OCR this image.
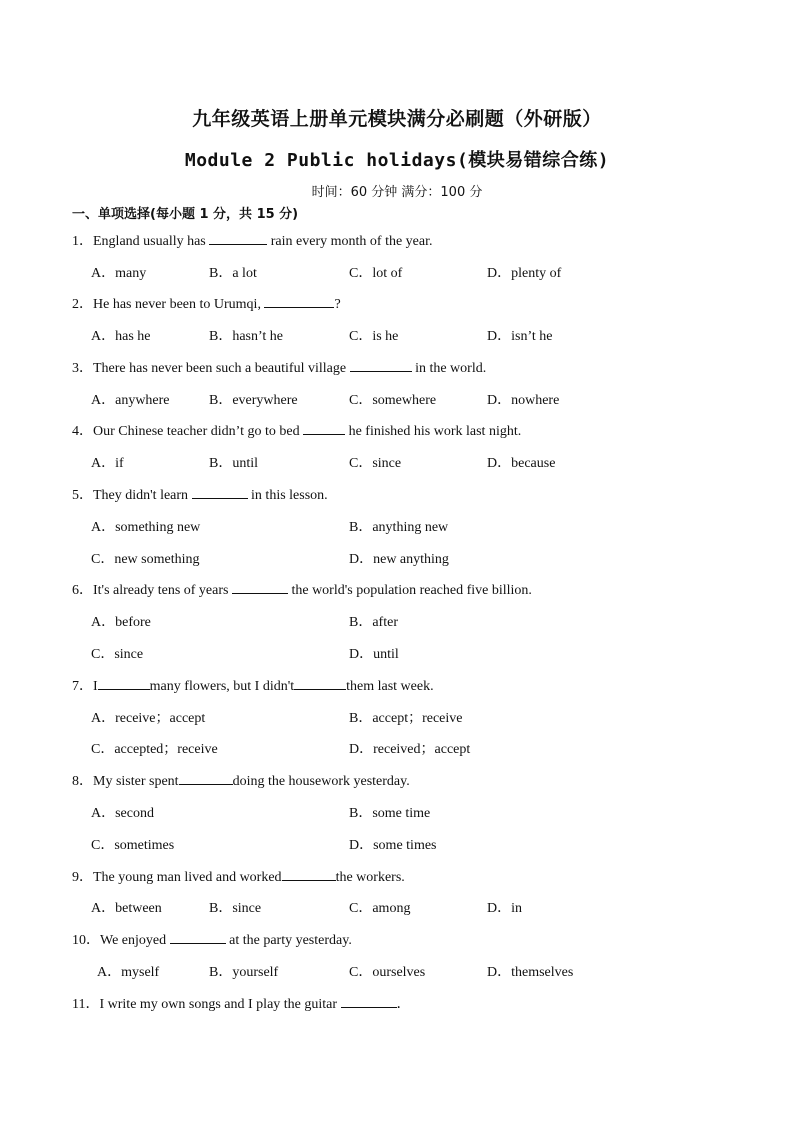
九年级英语上册单元模块满分必刷题（外研版）
Module 2 Public holidays(模块易错综合练)
时间：60 分钟 满分：100 分
一、单项选择(每小题 1 分，共 15 分)
1．England usually has	rain every month of the year.
A．many	B．a lot	C．lot of	D．plenty of
2．He has never been to Urumqi,	?
A．has he	B．hasn’t he	C．is he	D．isn’t he
3．There has never been such a beautiful village	in the world.
A．anywhere	B．everywhere	C．somewhere	D．nowhere
4．Our Chinese teacher didn’t go to bed	he finished his work last night.
A．if	B．until	C．since	D．because
5．They didn't learn	in this lesson.
A．something new	B．anything new
C．new something	D．new anything
6．It's already tens of years	the world's population reached five billion.
A．before	B．after
C．since	D．until
7．I	many flowers, but I didn't	them last week.
A．receive；accept	B．accept；receive
C．accepted；receive	D．received；accept
8．My sister spent	doing the housework yesterday.
A．second	B．some time
C．sometimes	D．some times
9．The young man lived and worked	the workers.
A．between	B．since	C．among	D．in
10．We enjoyed	at the party yesterday.
A．myself	B．yourself	C．ourselves	D．themselves
11．I write my own songs and I play the guitar	．
